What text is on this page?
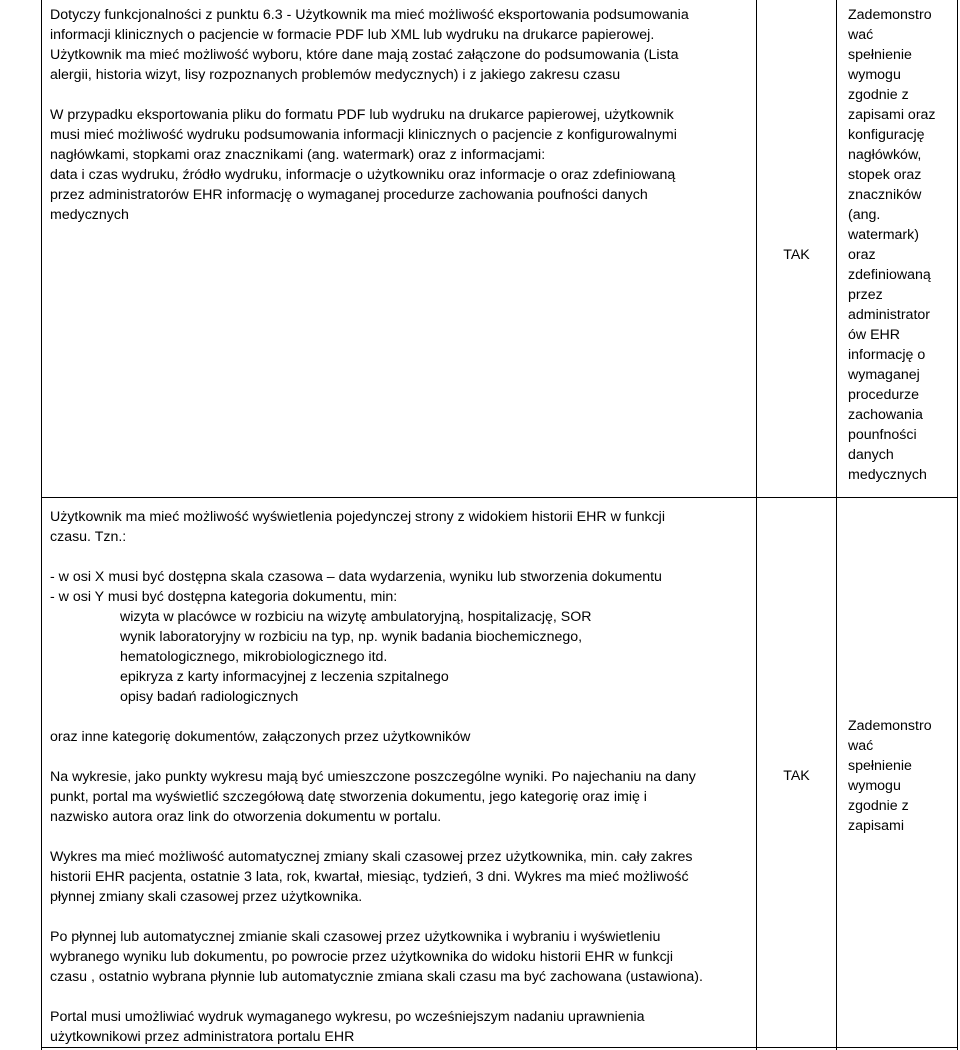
Dotyczy funkcjonalności z punktu 6.3 - Użytkownik ma mieć możliwość eksportowania podsumowania

informacji klinicznych o pacjencie w formacie PDF lub XML lub wydruku na drukarce papierowej.

Użytkownik ma mieć możliwość wyboru, które dane mają zostać załączone do podsumowania (Lista

alergii, historia wizyt, lisy rozpoznanych problemów medycznych) i z jakiego zakresu czasu

W przypadku eksportowania pliku do formatu PDF lub wydruku na drukarce papierowej, użytkownik

musi mieć możliwość wydruku podsumowania informacji klinicznych o pacjencie z konfigurowalnymi

nagłówkami, stopkami oraz znacznikami (ang. watermark) oraz z informacjami:

data i czas wydruku, źródło wydruku, informacje o użytkowniku oraz informacje o oraz zdefiniowaną

przez administratorów EHR informację o wymaganej procedurze zachowania poufności danych

medycznych

TAK

Zademonstro

wać

spełnienie

wymogu

zgodnie z

zapisami oraz

konfigurację

nagłówków,

stopek oraz

znaczników

(ang.

watermark)

oraz

zdefiniowaną

przez

administrator

ów EHR

informację o

wymaganej

procedurze

zachowania

pounfności

danych

medycznych

Użytkownik ma mieć możliwość wyświetlenia pojedynczej strony z widokiem historii EHR w funkcji

czasu. Tzn.:

- w osi X musi być dostępna skala czasowa – data wydarzenia, wyniku lub stworzenia dokumentu

- w osi Y musi być dostępna kategoria dokumentu, min:

wizyta w placówce w rozbiciu na wizytę ambulatoryjną, hospitalizację, SOR

wynik laboratoryjny w rozbiciu na typ, np. wynik badania biochemicznego,

hematologicznego, mikrobiologicznego itd.

epikryza z karty informacyjnej z leczenia szpitalnego

opisy badań radiologicznych

oraz inne kategorię dokumentów, załączonych przez użytkowników

Na wykresie, jako punkty wykresu mają być umieszczone poszczególne wyniki. Po najechaniu na dany

punkt, portal ma wyświetlić szczegółową datę stworzenia dokumentu, jego kategorię oraz imię i

nazwisko autora oraz link do otworzenia dokumentu w portalu.

Wykres ma mieć możliwość automatycznej zmiany skali czasowej przez użytkownika, min. cały zakres

historii EHR pacjenta, ostatnie 3 lata, rok, kwartał, miesiąc, tydzień, 3 dni. Wykres ma mieć możliwość

płynnej zmiany skali czasowej przez użytkownika.

Po płynnej lub automatycznej zmianie skali czasowej przez użytkownika i wybraniu i wyświetleniu

wybranego wyniku lub dokumentu, po powrocie przez użytkownika do widoku historii EHR w funkcji

czasu , ostatnio wybrana płynnie lub automatycznie zmiana skali czasu ma być zachowana (ustawiona).

Portal musi umożliwiać wydruk wymaganego wykresu, po wcześniejszym nadaniu uprawnienia

użytkownikowi przez administratora portalu EHR

TAK

Zademonstro

wać

spełnienie

wymogu

zgodnie z

zapisami
